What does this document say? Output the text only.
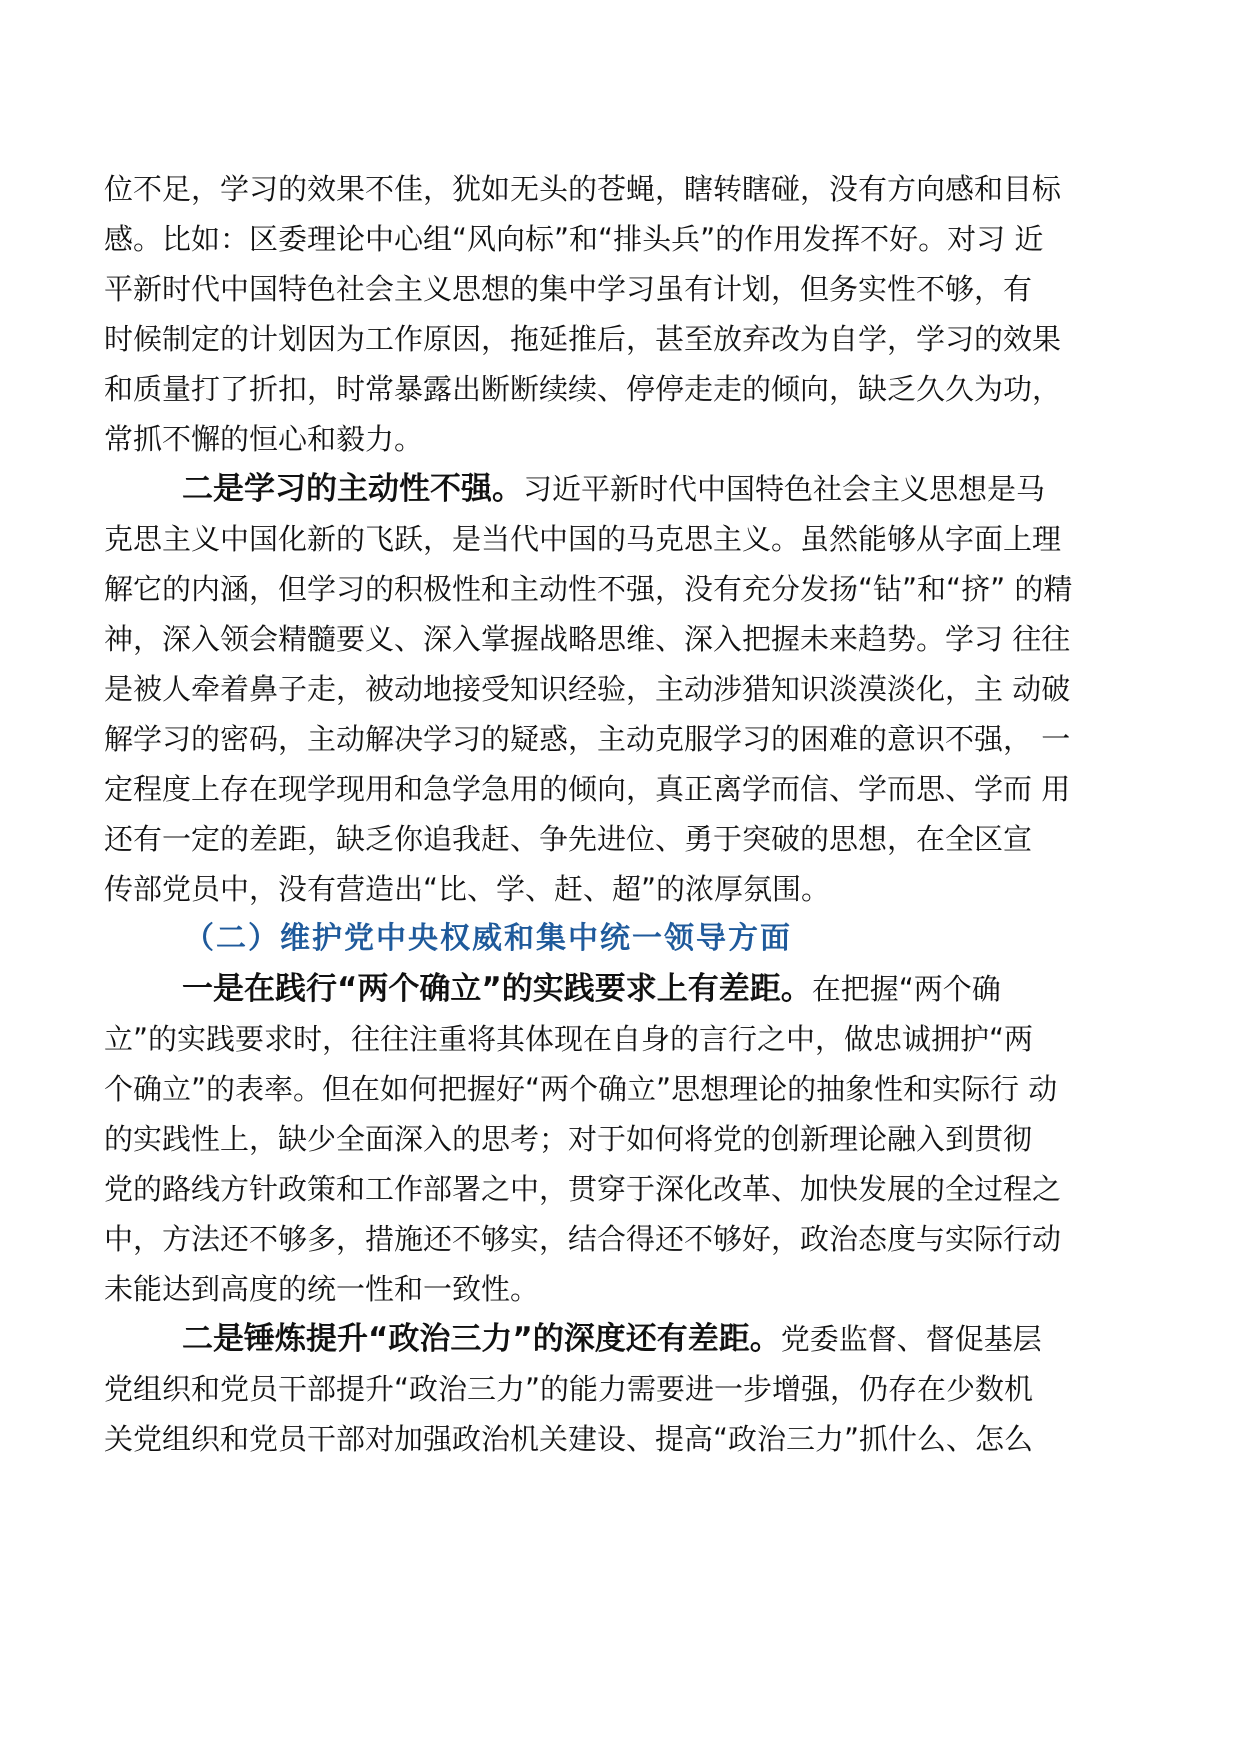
位不足，学习的效果不佳，犹如无头的苍蝇，瞎转瞎碰，没有方向感和目标
感。比如：区委理论中心组“风向标”和“排头兵”的作用发挥不好。对习 近
平新时代中国特色社会主义思想的集中学习虽有计划，但务实性不够，有
时候制定的计划因为工作原因，拖延推后，甚至放弃改为自学，学习的效果
和质量打了折扣，时常暴露出断断续续、停停走走的倾向，缺乏久久为功，
常抓不懈的恒心和毅力。
二是学习的主动性不强。习近平新时代中国特色社会主义思想是马
克思主义中国化新的飞跃，是当代中国的马克思主义。虽然能够从字面上理
解它的内涵，但学习的积极性和主动性不强，没有充分发扬“钻”和“挤” 的精
神，深入领会精髓要义、深入掌握战略思维、深入把握未来趋势。学习 往往
是被人牵着鼻子走，被动地接受知识经验，主动涉猎知识淡漠淡化，主 动破
解学习的密码，主动解决学习的疑惑，主动克服学习的困难的意识不强， 一
定程度上存在现学现用和急学急用的倾向，真正离学而信、学而思、学而 用
还有一定的差距，缺乏你追我赶、争先进位、勇于突破的思想，在全区宣
传部党员中，没有营造出“比、学、赶、超”的浓厚氛围。
（二）维护党中央权威和集中统一领导方面
一是在践行“两个确立”的实践要求上有差距。在把握“两个确
立”的实践要求时，往往注重将其体现在自身的言行之中，做忠诚拥护“两
个确立”的表率。但在如何把握好“两个确立”思想理论的抽象性和实际行 动
的实践性上，缺少全面深入的思考；对于如何将党的创新理论融入到贯彻
党的路线方针政策和工作部署之中，贯穿于深化改革、加快发展的全过程之
中，方法还不够多，措施还不够实，结合得还不够好，政治态度与实际行动
未能达到高度的统一性和一致性。
二是锤炼提升“政治三力”的深度还有差距。党委监督、督促基层
党组织和党员干部提升“政治三力”的能力需要进一步增强，仍存在少数机
关党组织和党员干部对加强政治机关建设、提高“政治三力”抓什么、怎么
